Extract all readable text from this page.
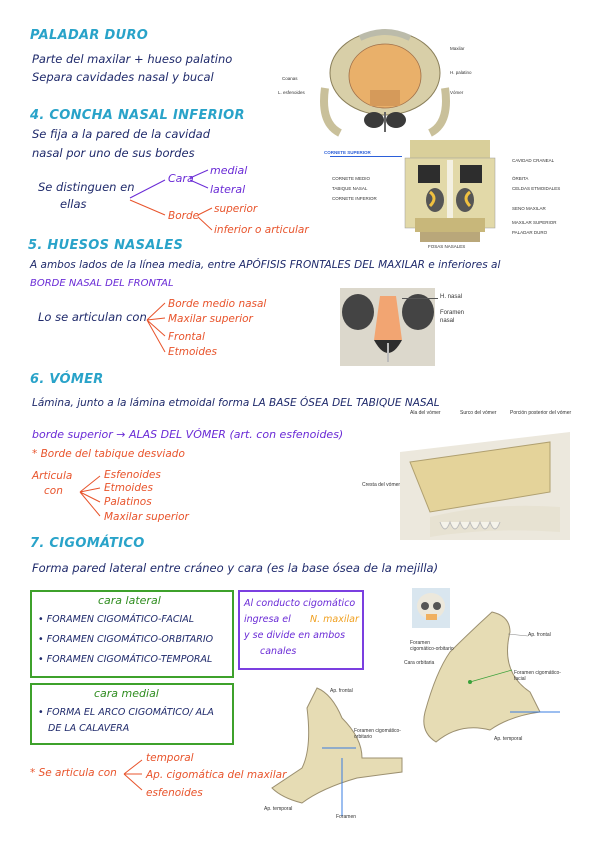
PALADAR DURO
Parte del maxilar + hueso palatino
Separa cavidades nasal y bucal
Maxilar
H. palatino
Vómer
Coanas
L. esfenoides
4. CONCHA NASAL INFERIOR
Se fija a la pared de la cavidad
nasal por uno de sus bordes
Se distinguen en
ellas
Cara
medial
lateral
Borde
superior
inferior o articular
CORNETE SUPERIOR
CORNETE MEDIO
TABIQUE NASAL
CORNETE INFERIOR
CAVIDAD CRANEAL
ÓRBITA
CELDAS ETMOIDALES
SENO MAXILAR
MAXILAR SUPERIOR
PALADAR DURO
FOSAS NASALES
5. HUESOS NASALES
A ambos lados de la línea media, entre APÓFISIS FRONTALES DEL MAXILAR e inferiores al
BORDE NASAL DEL FRONTAL
Lo se articulan con
Borde medio nasal
Maxilar superior
Frontal
Etmoides
H. nasal
Foramen
nasal
6. VÓMER
Lámina, junto a la lámina etmoidal forma LA BASE ÓSEA DEL TABIQUE NASAL
borde superior → ALAS DEL VÓMER (art. con esfenoides)
* Borde del tabique desviado
Articula
con
Esfenoides
Etmoides
Palatinos
Maxilar superior
Ala del vómer	Surco del vómer	Porción posterior del vómer
Cresta del vómer
7. CIGOMÁTICO
Forma pared lateral entre cráneo y cara (es la base ósea de la mejilla)
cara lateral
• FORAMEN CIGOMÁTICO-FACIAL
• FORAMEN CIGOMÁTICO-ORBITARIO
• FORAMEN CIGOMÁTICO-TEMPORAL
Al conducto cigomático
ingresa el N. maxilar
y se divide en ambos
canales
cara medial
• FORMA EL ARCO CIGOMÁTICO/ ALA
DE LA CALAVERA
* Se articula con
temporal
Ap. cigomática del maxilar
esfenoides
Ap. frontal
Foramen cigomático-orbitario
Ap. temporal
Foramen
Ap. frontal
Foramen cigomático-orbitario
Cara orbitaria
Foramen cigomático-facial
Ap. temporal
